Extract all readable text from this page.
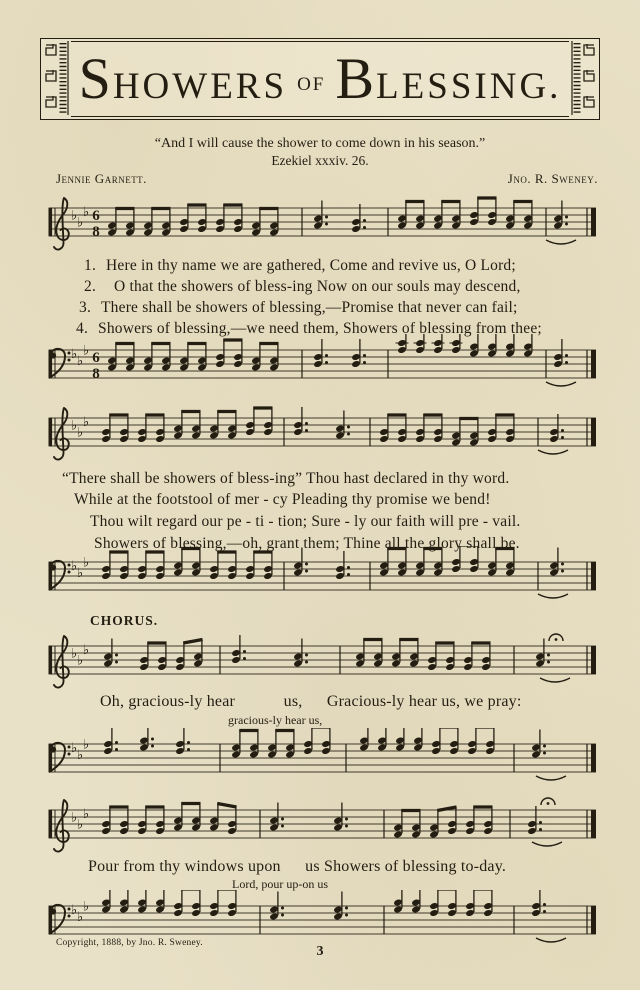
S HOWERS OF B LESSING.
“And I will cause the shower to come down in his season.”
Ezekiel xxxiv. 26.
Jennie Garnett.	Jno. R. Sweney.
♭ ♭
♭ 6
8
1. Here in thy name we are gathered, Come and revive us, O Lord;
2. O that the showers of bless-ing Now on our souls may descend,
3. There shall be showers of blessing,—Promise that never can fail;
4. Showers of blessing,—we need them, Showers of blessing from thee;
♭ ♭
♭ 6
8
♭ ♭
♭
“There shall be showers of bless-ing” Thou hast declared in thy word.
While at the footstool of mer - cy Pleading thy promise we bend!
Thou wilt regard our pe - ti - tion; Sure - ly our faith will pre - vail.
Showers of blessing,—oh, grant them; Thine all the glory shall be.
♭ ♭
♭
CHORUS.
♭ ♭
♭
Oh, gracious-ly hear   us,  Gracious-ly hear us, we pray:
gracious-ly hear us,
♭ ♭
♭
♭ ♭
♭
Pour from thy windows upon  us Showers of blessing to-day.
Lord, pour up-on us
♭ ♭
♭
Copyright, 1888, by Jno. R. Sweney.
3
